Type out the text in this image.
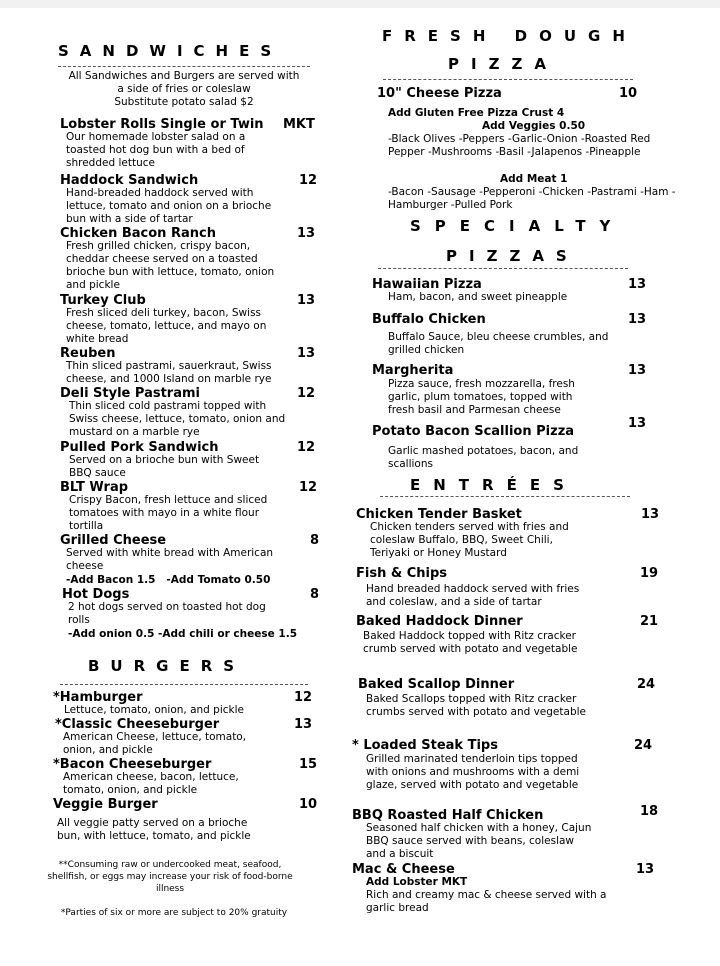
SANDWICHES
All Sandwiches and Burgers are served with
a side of fries or coleslaw
Substitute potato salad $2
Lobster Rolls Single or Twin MKT
Our homemade lobster salad on a toasted hot dog bun with a bed of shredded lettuce
Haddock Sandwich	12
Hand-breaded haddock served with lettuce, tomato and onion on a brioche bun with a side of tartar
Chicken Bacon Ranch	13
Fresh grilled chicken, crispy bacon, cheddar cheese served on a toasted brioche bun with lettuce, tomato, onion and pickle
Turkey Club	13
Fresh sliced deli turkey, bacon, Swiss cheese, tomato, lettuce, and mayo on white bread
Reuben	13
Thin sliced pastrami, sauerkraut, Swiss cheese, and 1000 Island on marble rye
Deli Style Pastrami	12
Thin sliced cold pastrami topped with Swiss cheese, lettuce, tomato, onion and mustard on a marble rye
Pulled Pork Sandwich	12
Served on a brioche bun with Sweet BBQ sauce
BLT Wrap	12
Crispy Bacon, fresh lettuce and sliced tomatoes with mayo in a white flour tortilla
Grilled Cheese	8
Served with white bread with American cheese
-Add Bacon 1.5   -Add Tomato 0.50
Hot Dogs	8
2 hot dogs served on toasted hot dog rolls
-Add onion 0.5 -Add chili or cheese 1.5
BURGERS
*Hamburger	12
Lettuce, tomato, onion, and pickle
*Classic Cheeseburger	13
American Cheese, lettuce, tomato, onion, and pickle
*Bacon Cheeseburger	15
American cheese, bacon, lettuce, tomato, onion, and pickle
Veggie Burger	10
All veggie patty served on a brioche bun, with lettuce, tomato, and pickle
**Consuming raw or undercooked meat, seafood, shellfish, or eggs may increase your risk of food-borne illness
*Parties of six or more are subject to 20% gratuity
FRESH DOUGH
PIZZA
10" Cheese Pizza	10
Add Gluten Free Pizza Crust 4
Add Veggies 0.50
-Black Olives -Peppers -Garlic-Onion -Roasted Red Pepper -Mushrooms -Basil -Jalapenos -Pineapple
Add Meat 1
-Bacon -Sausage -Pepperoni -Chicken -Pastrami -Ham -Hamburger -Pulled Pork
SPECIALTY
PIZZAS
Hawaiian Pizza	13
Ham, bacon, and sweet pineapple
Buffalo Chicken	13
Buffalo Sauce, bleu cheese crumbles, and grilled chicken
Margherita	13
Pizza sauce, fresh mozzarella, fresh garlic, plum tomatoes, topped with fresh basil and Parmesan cheese
Potato Bacon Scallion Pizza
13
Garlic mashed potatoes, bacon, and scallions
ENTRÉES
Chicken Tender Basket	13
Chicken tenders served with fries and coleslaw Buffalo, BBQ, Sweet Chili, Teriyaki or Honey Mustard
Fish & Chips	19
Hand breaded haddock served with fries and coleslaw, and a side of tartar
Baked Haddock Dinner	21
Baked Haddock topped with Ritz cracker crumb served with potato and vegetable
Baked Scallop Dinner	24
Baked Scallops topped with Ritz cracker crumbs served with potato and vegetable
* Loaded Steak Tips	24
Grilled marinated tenderloin tips topped with onions and mushrooms with a demi glaze, served with potato and vegetable
BBQ Roasted Half Chicken	18
Seasoned half chicken with a honey, Cajun BBQ sauce served with beans, coleslaw and a biscuit
Mac & Cheese	13
Add Lobster MKT
Rich and creamy mac & cheese served with a garlic bread
